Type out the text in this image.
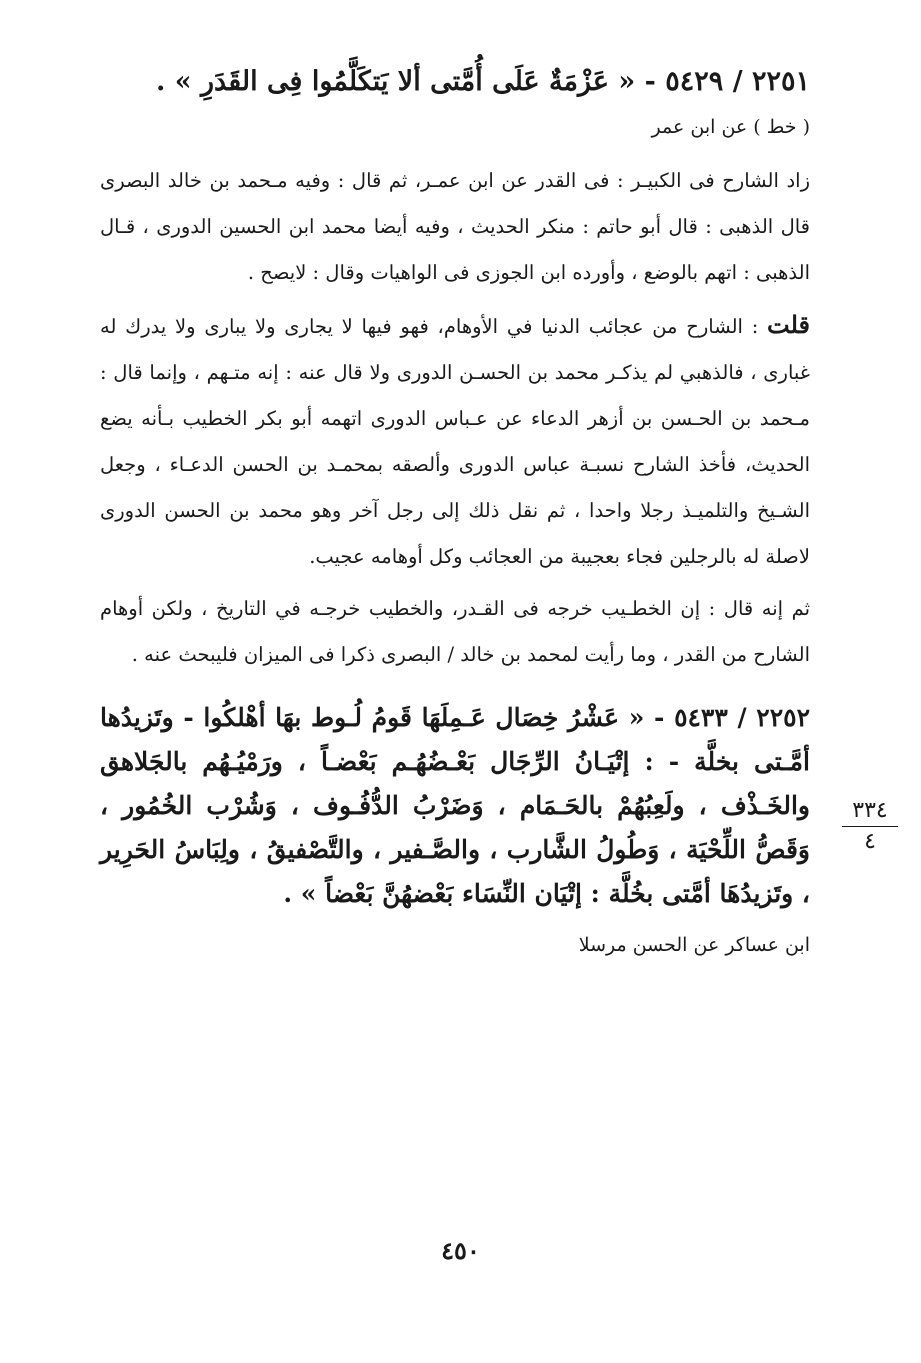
٢٢٥١ / ٥٤٢٩ - « عَزْمَةٌ عَلَى أُمَّتى ألا يَتكَلَّمُوا فِى القَدَرِ » .

( خط ) عن ابن عمر

زاد الشارح فى الكبيـر : فى القدر عن ابن عمـر، ثم قال : وفيه مـحمد بن خالد البصرى قال الذهبى : قال أبو حاتم : منكر الحديث ، وفيه أيضا محمد ابن الحسين الدورى ، قـال الذهبى : اتهم بالوضع ، وأورده ابن الجوزى فى الواهيات وقال : لايصح .

قلت : الشارح من عجائب الدنيا في الأوهام، فهو فيها لا يجارى ولا يبارى ولا يدرك له غبارى ، فالذهبي لم يذكـر محمد بن الحسـن الدورى ولا قال عنه : إنه متـهم ، وإنما قال : مـحمد بن الحـسن بن أزهر الدعاء عن عـباس الدورى اتهمه أبو بكر الخطيب بـأنه يضع الحديث، فأخذ الشارح نسبـة عباس الدورى وألصقه بمحمـد بن الحسن الدعـاء ، وجعل الشـيخ والتلميـذ رجلا واحدا ، ثم نقل ذلك إلى رجل آخر وهو محمد بن الحسن الدورى لاصلة له بالرجلين فجاء بعجيبة من العجائب وكل أوهامه عجيب.

ثم إنه قال : إن الخطـيب خرجه فى القـدر، والخطيب خرجـه في التاريخ ، ولكن أوهام الشارح من القدر ، وما رأيت لمحمد بن خالد / البصرى ذكرا فى الميزان فليبحث عنه .

٢٢٥٢ / ٥٤٣٣ - « عَشْرُ خِصَال عَـمِلَهَا قَومُ لُـوط بهَا أهْلكُوا - وتَزيدُها أمَّـتى بخلَّة - : إتْيَـانُ الرِّجَال بَعْـضُهُـم بَعْضـاً ، ورَمْيُـهُم بالجَلاهق والخَـذْف ، ولَعِبُهُمْ بالحَـمَام ، وَضَرْبُ الدُّفُـوف ، وَشُرْب الخُمُور ، وَقَصُّ اللِّحْيَة ، وَطُولُ الشَّارب ، والصَّـفير ، والتَّصْفيقُ ، ولِبَاسُ الحَرِير ، وتَزيدُهَا أمَّتى بخُلَّة : إتْيَان النِّسَاء بَعْضهُنَّ بَعْضاً » .

ابن عساكر عن الحسن مرسلا

٣٣٤
٤
٤٥٠
